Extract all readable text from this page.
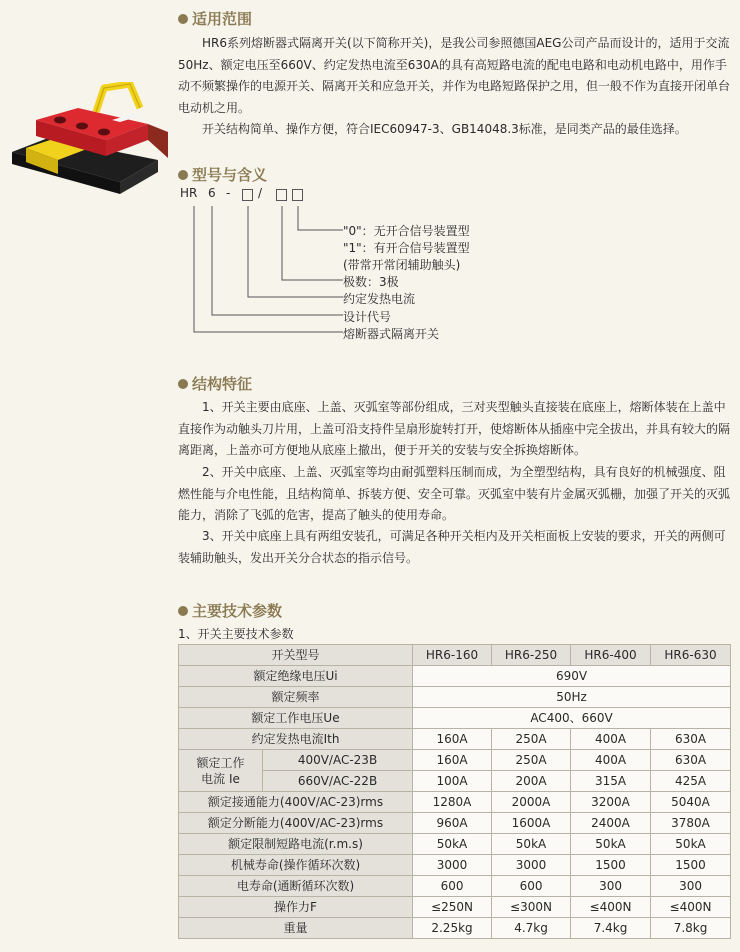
适用范围

HR6系列熔断器式隔离开关(以下简称开关)，是我公司参照德国AEG公司产品而设计的，适用于交流50Hz、额定电压至660V、约定发热电流至630A的具有高短路电流的配电电路和电动机电路中，用作手动不频繁操作的电源开关、隔离开关和应急开关，并作为电路短路保护之用，但一般不作为直接开闭单台电动机之用。

开关结构简单、操作方便，符合IEC60947-3、GB14048.3标准，是同类产品的最佳选择。

型号与含义
HR 6 - /
"0"：无开合信号装置型
"1"：有开合信号装置型
(带常开常闭辅助触头)
极数：3极
约定发热电流
设计代号
熔断器式隔离开关
结构特征

1、开关主要由底座、上盖、灭弧室等部份组成，三对夹型触头直接装在底座上，熔断体装在上盖中直接作为动触头刀片用，上盖可沿支持件呈扇形旋转打开，使熔断体从插座中完全拔出，并具有较大的隔离距离，上盖亦可方便地从底座上撤出，便于开关的安装与安全拆换熔断体。

2、开关中底座、上盖、灭弧室等均由耐弧塑料压制而成，为全塑型结构，具有良好的机械强度、阻燃性能与介电性能，且结构简单、拆装方便、安全可靠。灭弧室中装有片金属灭弧栅，加强了开关的灭弧能力，消除了飞弧的危害，提高了触头的使用寿命。

3、开关中底座上具有两组安装孔，可满足各种开关柜内及开关柜面板上安装的要求，开关的两侧可装辅助触头，发出开关分合状态的指示信号。

主要技术参数
1、开关主要技术参数
开关型号		HR6-160	HR6-250	HR6-400	HR6-630
额定绝缘电压Ui		690V			
额定频率		50Hz			
额定工作电压Ue		AC400、660V			
约定发热电流Ith		160A	250A	400A	630A
额定工作
电流 Ie	400V/AC-23B	160A	250A	400A	630A
	660V/AC-22B	100A	200A	315A	425A
额定接通能力(400V/AC-23)rms		1280A	2000A	3200A	5040A
额定分断能力(400V/AC-23)rms		960A	1600A	2400A	3780A
额定限制短路电流(r.m.s)		50kA	50kA	50kA	50kA
机械寿命(操作循环次数)		3000	3000	1500	1500
电寿命(通断循环次数)		600	600	300	300
操作力F		≤250N	≤300N	≤400N	≤400N
重量		2.25kg	4.7kg	7.4kg	7.8kg
